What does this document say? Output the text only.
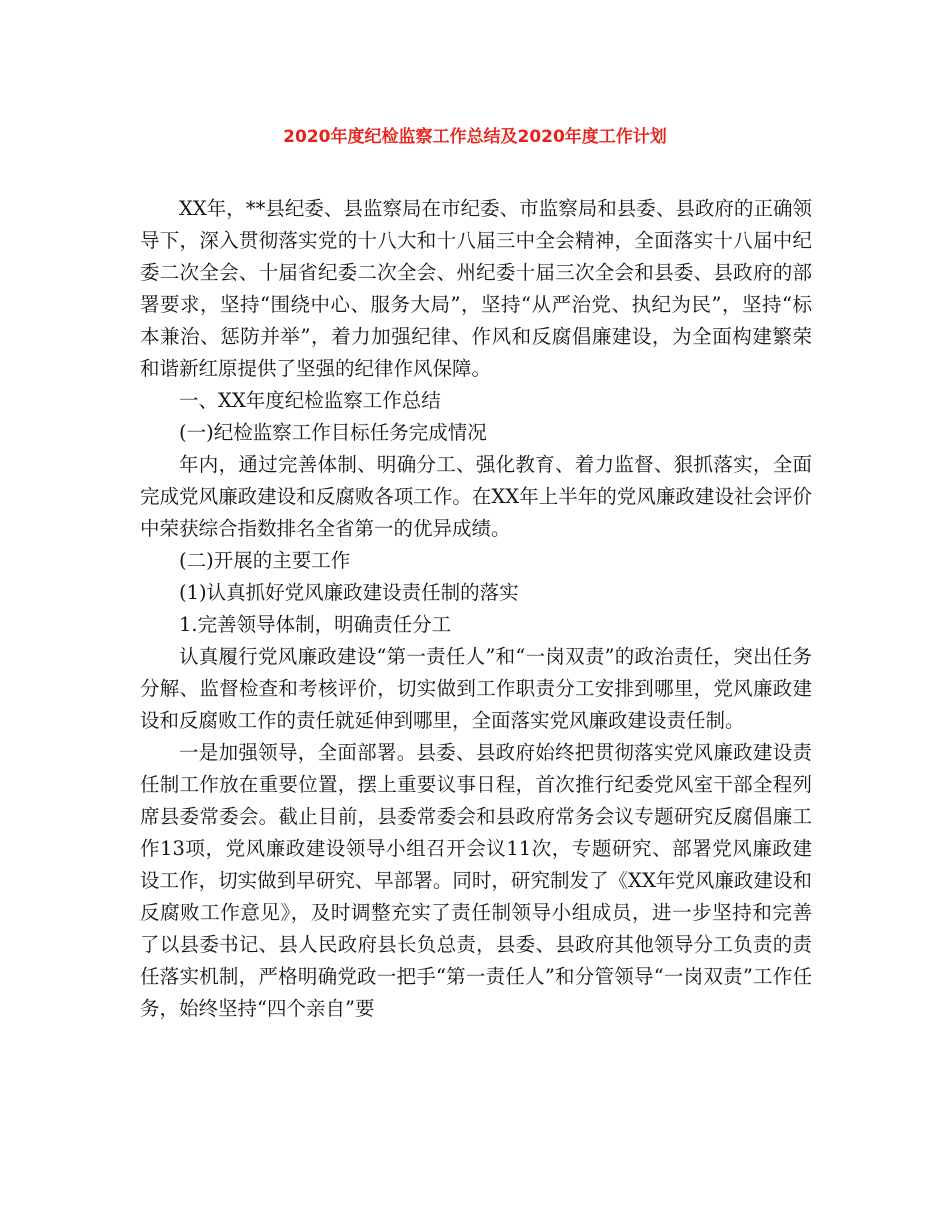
2020年度纪检监察工作总结及2020年度工作计划

XX年，**县纪委、县监察局在市纪委、市监察局和县委、县政府的正确领导下，深入贯彻落实党的十八大和十八届三中全会精神，全面落实十八届中纪委二次全会、十届省纪委二次全会、州纪委十届三次全会和县委、县政府的部署要求，坚持“围绕中心、服务大局”，坚持“从严治党、执纪为民”，坚持“标本兼治、惩防并举”，着力加强纪律、作风和反腐倡廉建设，为全面构建繁荣和谐新红原提供了坚强的纪律作风保障。

一、XX年度纪检监察工作总结

(一)纪检监察工作目标任务完成情况

年内，通过完善体制、明确分工、强化教育、着力监督、狠抓落实，全面完成党风廉政建设和反腐败各项工作。在XX年上半年的党风廉政建设社会评价中荣获综合指数排名全省第一的优异成绩。

(二)开展的主要工作

(1)认真抓好党风廉政建设责任制的落实

1.完善领导体制，明确责任分工

认真履行党风廉政建设“第一责任人”和“一岗双责”的政治责任，突出任务分解、监督检查和考核评价，切实做到工作职责分工安排到哪里，党风廉政建设和反腐败工作的责任就延伸到哪里，全面落实党风廉政建设责任制。

一是加强领导，全面部署。县委、县政府始终把贯彻落实党风廉政建设责任制工作放在重要位置，摆上重要议事日程，首次推行纪委党风室干部全程列席县委常委会。截止目前，县委常委会和县政府常务会议专题研究反腐倡廉工作13项，党风廉政建设领导小组召开会议11次，专题研究、部署党风廉政建设工作，切实做到早研究、早部署。同时，研究制发了《XX年党风廉政建设和反腐败工作意见》，及时调整充实了责任制领导小组成员，进一步坚持和完善了以县委书记、县人民政府县长负总责，县委、县政府其他领导分工负责的责任落实机制，严格明确党政一把手“第一责任人”和分管领导“一岗双责”工作任务，始终坚持“四个亲自”要
